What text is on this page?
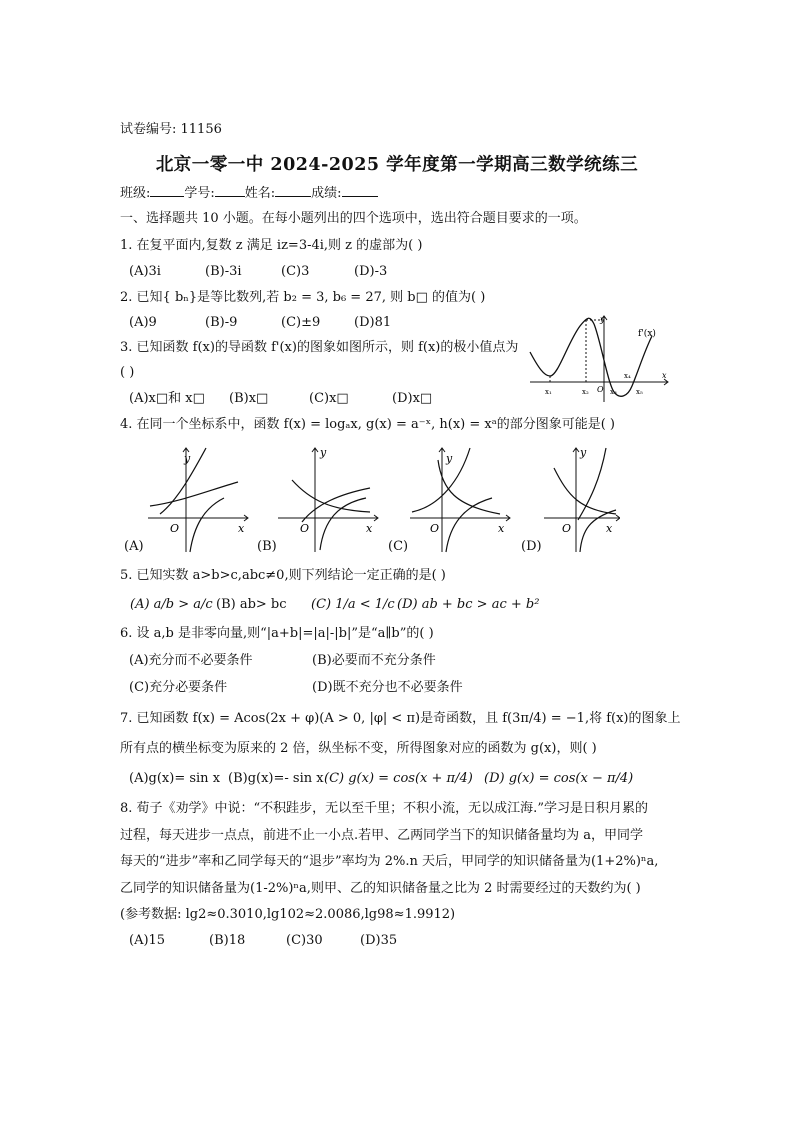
试卷编号: 11156
北京一零一中 2024-2025 学年度第一学期高三数学统练三
班级:	学号: 姓名:	成绩:
一、选择题共 10 小题。在每小题列出的四个选项中，选出符合题目要求的一项。
1. 在复平面内,复数 z 满足 iz=3-4i,则 z 的虚部为( )
(A)3i	(B)-3i	(C)3	(D)-3
2. 已知{ bₙ}是等比数列,若 b₂ = 3, b₆ = 27, 则 b□ 的值为( )
(A)9	(B)-9	(C)±9	(D)81
3. 已知函数 f(x)的导函数 f'(x)的图象如图所示，则 f(x)的极小值点为
( )
(A)x□和 x□ (B)x□	(C)x□	(D)x□
f'(x)
y
x
O
x₁	x₂	x₃
x₄
x₅
4. 在同一个坐标系中，函数 f(x) = logₐx, g(x) = a⁻ˣ, h(x) = xᵃ的部分图象可能是( )
y
x
O
y
x
O
y
x
O
y
x
O
(A)	(B)	(C)	(D)
5. 已知实数 a>b>c,abc≠0,则下列结论一定正确的是( )
(A) a/b > a/c (B) ab> bc (C) 1/a < 1/c (D) ab + bc > ac + b²
6. 设 a,b 是非零向量,则“|a+b|=|a|-|b|”是“a∥b”的( )
(A)充分而不必要条件	(B)必要而不充分条件
(C)充分必要条件	(D)既不充分也不必要条件
7. 已知函数 f(x) = Acos(2x + φ)(A > 0, |φ| < π)是奇函数，且 f(3π/4) = −1,将 f(x)的图象上
所有点的横坐标变为原来的 2 倍，纵坐标不变，所得图象对应的函数为 g(x)，则( )
(A)g(x)= sin x (B)g(x)=- sin x (C) g(x) = cos(x + π/4) (D) g(x) = cos(x − π/4)
8. 荀子《劝学》中说：“不积跬步，无以至千里；不积小流，无以成江海.”学习是日积月累的
过程，每天进步一点点，前进不止一小点.若甲、乙两同学当下的知识储备量均为 a，甲同学
每天的“进步”率和乙同学每天的“退步”率均为 2%.n 天后，甲同学的知识储备量为(1+2%)ⁿa,
乙同学的知识储备量为(1-2%)ⁿa,则甲、乙的知识储备量之比为 2 时需要经过的天数约为( )
(参考数据: lg2≈0.3010,lg102≈2.0086,lg98≈1.9912)
(A)15	(B)18	(C)30	(D)35
